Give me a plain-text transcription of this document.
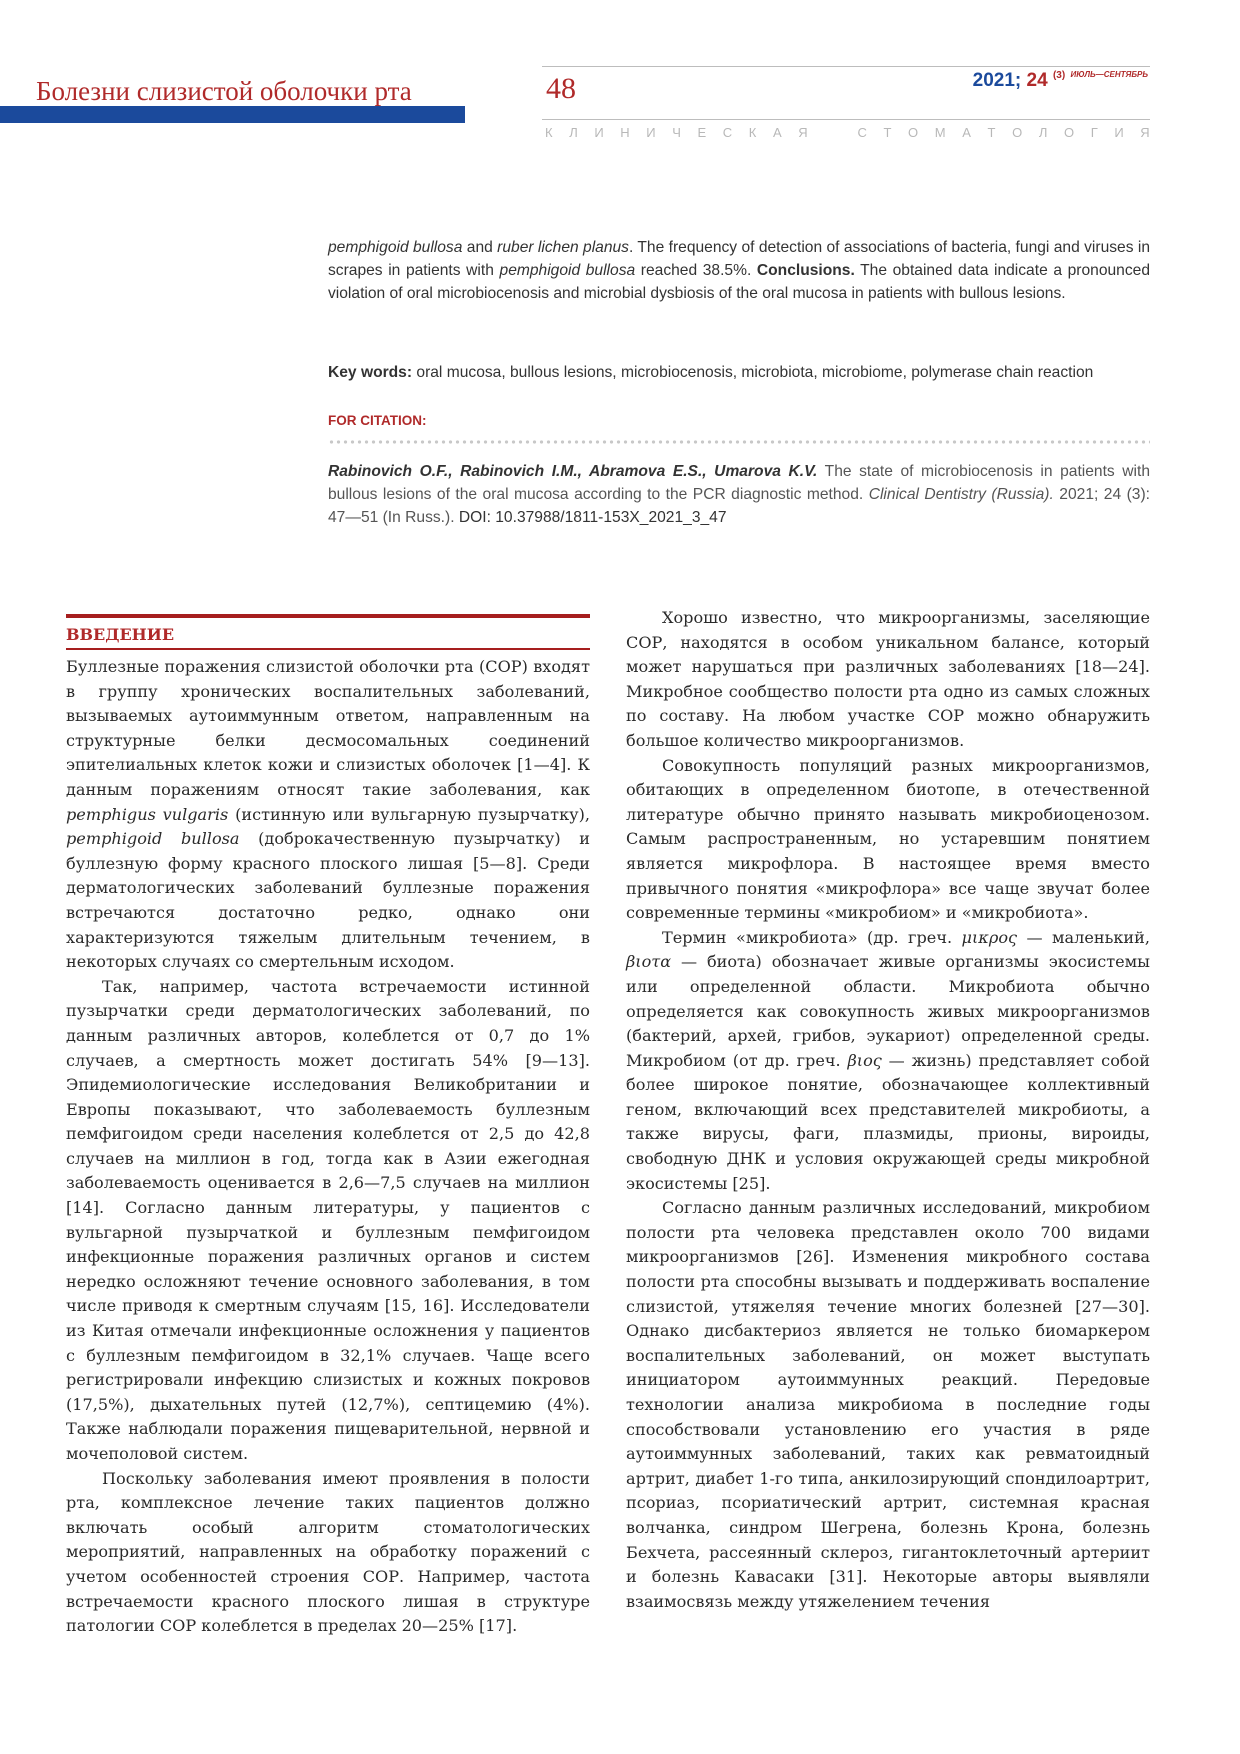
Болезни слизистой оболочки рта	48	2021; 24 $^{(3)}$ $^{ИЮЛЬ—СЕНТЯБРЬ}$
К Л И Н И Ч Е С К А Я	С Т О М А Т О Л О Г И Я
pemphigoid bullosa and ruber lichen planus. The frequency of detection of associations of bacteria, fungi and viruses in scrapes in patients with pemphigoid bullosa reached 38.5%. Conclusions. The obtained data indicate a pronounced violation of oral microbiocenosis and microbial dysbiosis of the oral mucosa in patients with bullous lesions.
Key words: oral mucosa, bullous lesions, microbiocenosis, microbiota, microbiome, polymerase chain reaction
FOR CITATION:
Rabinovich O.F., Rabinovich I.M., Abramova E.S., Umarova K.V. The state of microbiocenosis in patients with bullous lesions of the oral mucosa according to the PCR diagnostic method. Clinical Dentistry (Russia). 2021; 24 (3): 47—51 (In Russ.). DOI: 10.37988/1811-153X_2021_3_47
ВВЕДЕНИЕ

Буллезные поражения слизистой оболочки рта (СОР) входят в группу хронических воспалительных заболеваний, вызываемых аутоиммунным ответом, направленным на структурные белки десмосомальных соединений эпителиальных клеток кожи и слизистых оболочек [1—4]. К данным поражениям относят такие заболевания, как pemphigus vulgaris (истинную или вульгарную пузырчатку), pemphigoid bullosa (доброкачественную пузырчатку) и буллезную форму красного плоского лишая [5—8]. Среди дерматологических заболеваний буллезные поражения встречаются достаточно редко, однако они характеризуются тяжелым длительным течением, в некоторых случаях со смертельным исходом.

Так, например, частота встречаемости истинной пузырчатки среди дерматологических заболеваний, по данным различных авторов, колеблется от 0,7 до 1% случаев, а смертность может достигать 54% [9—13]. Эпидемиологические исследования Великобритании и Европы показывают, что заболеваемость буллезным пемфигоидом среди населения колеблется от 2,5 до 42,8 случаев на миллион в год, тогда как в Азии ежегодная заболеваемость оценивается в 2,6—7,5 случаев на миллион [14]. Согласно данным литературы, у пациентов с вульгарной пузырчаткой и буллезным пемфигоидом инфекционные поражения различных органов и систем нередко осложняют течение основного заболевания, в том числе приводя к смертным случаям [15, 16]. Исследователи из Китая отмечали инфекционные осложнения у пациентов с буллезным пемфигоидом в 32,1% случаев. Чаще всего регистрировали инфекцию слизистых и кожных покровов (17,5%), дыхательных путей (12,7%), септицемию (4%). Также наблюдали поражения пищеварительной, нервной и мочеполовой систем.

Поскольку заболевания имеют проявления в полости рта, комплексное лечение таких пациентов должно включать особый алгоритм стоматологических мероприятий, направленных на обработку поражений с учетом особенностей строения СОР. Например, частота встречаемости красного плоского лишая в структуре патологии СОР колеблется в пределах 20—25% [17].

Хорошо известно, что микроорганизмы, заселяющие СОР, находятся в особом уникальном балансе, который может нарушаться при различных заболеваниях [18—24]. Микробное сообщество полости рта одно из самых сложных по составу. На любом участке СОР можно обнаружить большое количество микроорганизмов.

Совокупность популяций разных микроорганизмов, обитающих в определенном биотопе, в отечественной литературе обычно принято называть микробиоценозом. Самым распространенным, но устаревшим понятием является микрофлора. В настоящее время вместо привычного понятия «микрофлора» все чаще звучат более современные термины «микробиом» и «микробиота».

Термин «микробиота» (др. греч. μικρος — маленький, βιοτα — биота) обозначает живые организмы экосистемы или определенной области. Микробиота обычно определяется как совокупность живых микроорганизмов (бактерий, архей, грибов, эукариот) определенной среды. Микробиом (от др. греч. βιος — жизнь) представляет собой более широкое понятие, обозначающее коллективный геном, включающий всех представителей микробиоты, а также вирусы, фаги, плазмиды, прионы, вироиды, свободную ДНК и условия окружающей среды микробной экосистемы [25].

Согласно данным различных исследований, микробиом полости рта человека представлен около 700 видами микроорганизмов [26]. Изменения микробного состава полости рта способны вызывать и поддерживать воспаление слизистой, утяжеляя течение многих болезней [27—30]. Однако дисбактериоз является не только биомаркером воспалительных заболеваний, он может выступать инициатором аутоиммунных реакций. Передовые технологии анализа микробиома в последние годы способствовали установлению его участия в ряде аутоиммунных заболеваний, таких как ревматоидный артрит, диабет 1-го типа, анкилозирующий спондилоартрит, псориаз, псориатический артрит, системная красная волчанка, синдром Шегрена, болезнь Крона, болезнь Бехчета, рассеянный склероз, гигантоклеточный артериит и болезнь Кавасаки [31]. Некоторые авторы выявляли взаимосвязь между утяжелением течения
